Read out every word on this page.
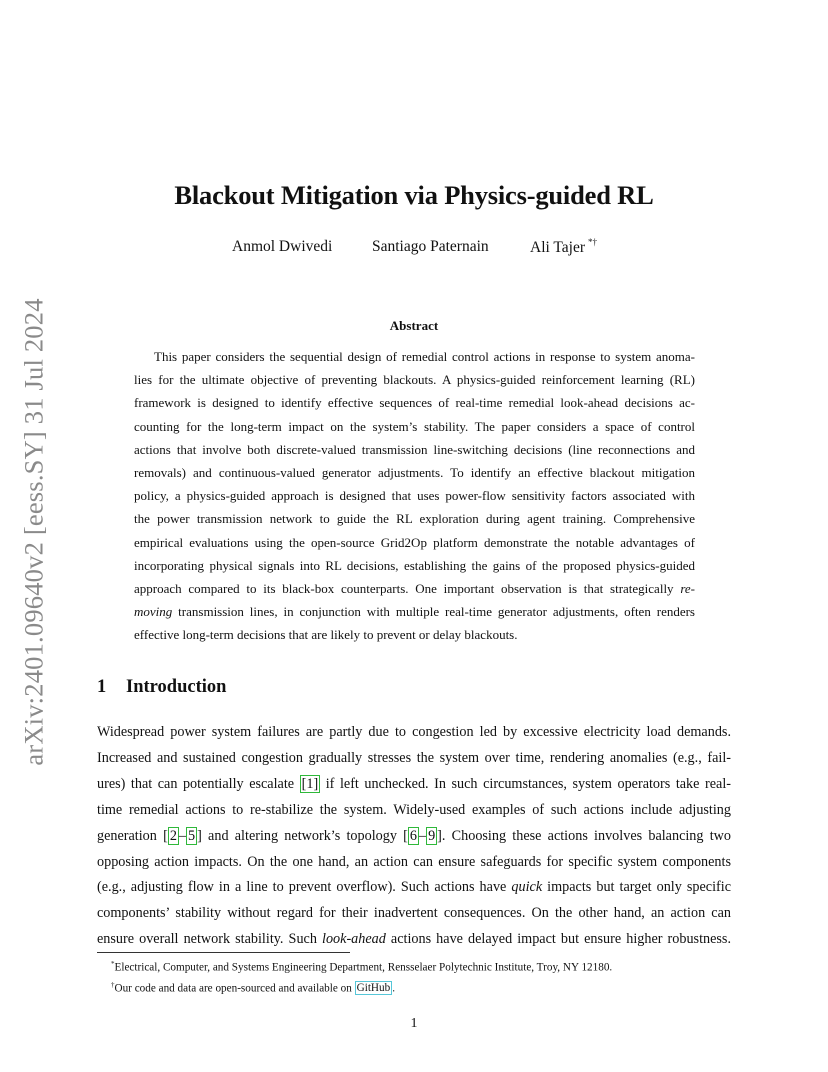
arXiv:2401.09640v2 [eess.SY] 31 Jul 2024
Blackout Mitigation via Physics-guided RL
Anmol Dwivedi	Santiago Paternain	Ali Tajer *†
Abstract
This paper considers the sequential design of remedial control actions in response to system anoma-
lies for the ultimate objective of preventing blackouts. A physics-guided reinforcement learning (RL)
framework is designed to identify effective sequences of real-time remedial look-ahead decisions ac-
counting for the long-term impact on the system’s stability. The paper considers a space of control
actions that involve both discrete-valued transmission line-switching decisions (line reconnections and
removals) and continuous-valued generator adjustments. To identify an effective blackout mitigation
policy, a physics-guided approach is designed that uses power-flow sensitivity factors associated with
the power transmission network to guide the RL exploration during agent training. Comprehensive
empirical evaluations using the open-source Grid2Op platform demonstrate the notable advantages of
incorporating physical signals into RL decisions, establishing the gains of the proposed physics-guided
approach compared to its black-box counterparts. One important observation is that strategically re-
moving transmission lines, in conjunction with multiple real-time generator adjustments, often renders
effective long-term decisions that are likely to prevent or delay blackouts.
1 Introduction
Widespread power system failures are partly due to congestion led by excessive electricity load demands.
Increased and sustained congestion gradually stresses the system over time, rendering anomalies (e.g., fail-
ures) that can potentially escalate [1] if left unchecked. In such circumstances, system operators take real-
time remedial actions to re-stabilize the system. Widely-used examples of such actions include adjusting
generation [ 2 – 5 ] and altering network’s topology [ 6 – 9 ]. Choosing these actions involves balancing two
opposing action impacts. On the one hand, an action can ensure safeguards for specific system components
(e.g., adjusting flow in a line to prevent overflow). Such actions have quick impacts but target only specific
components’ stability without regard for their inadvertent consequences. On the other hand, an action can
ensure overall network stability. Such look-ahead actions have delayed impact but ensure higher robustness.
*Electrical, Computer, and Systems Engineering Department, Rensselaer Polytechnic Institute, Troy, NY 12180.
†Our code and data are open-sourced and available on GitHub .
1
